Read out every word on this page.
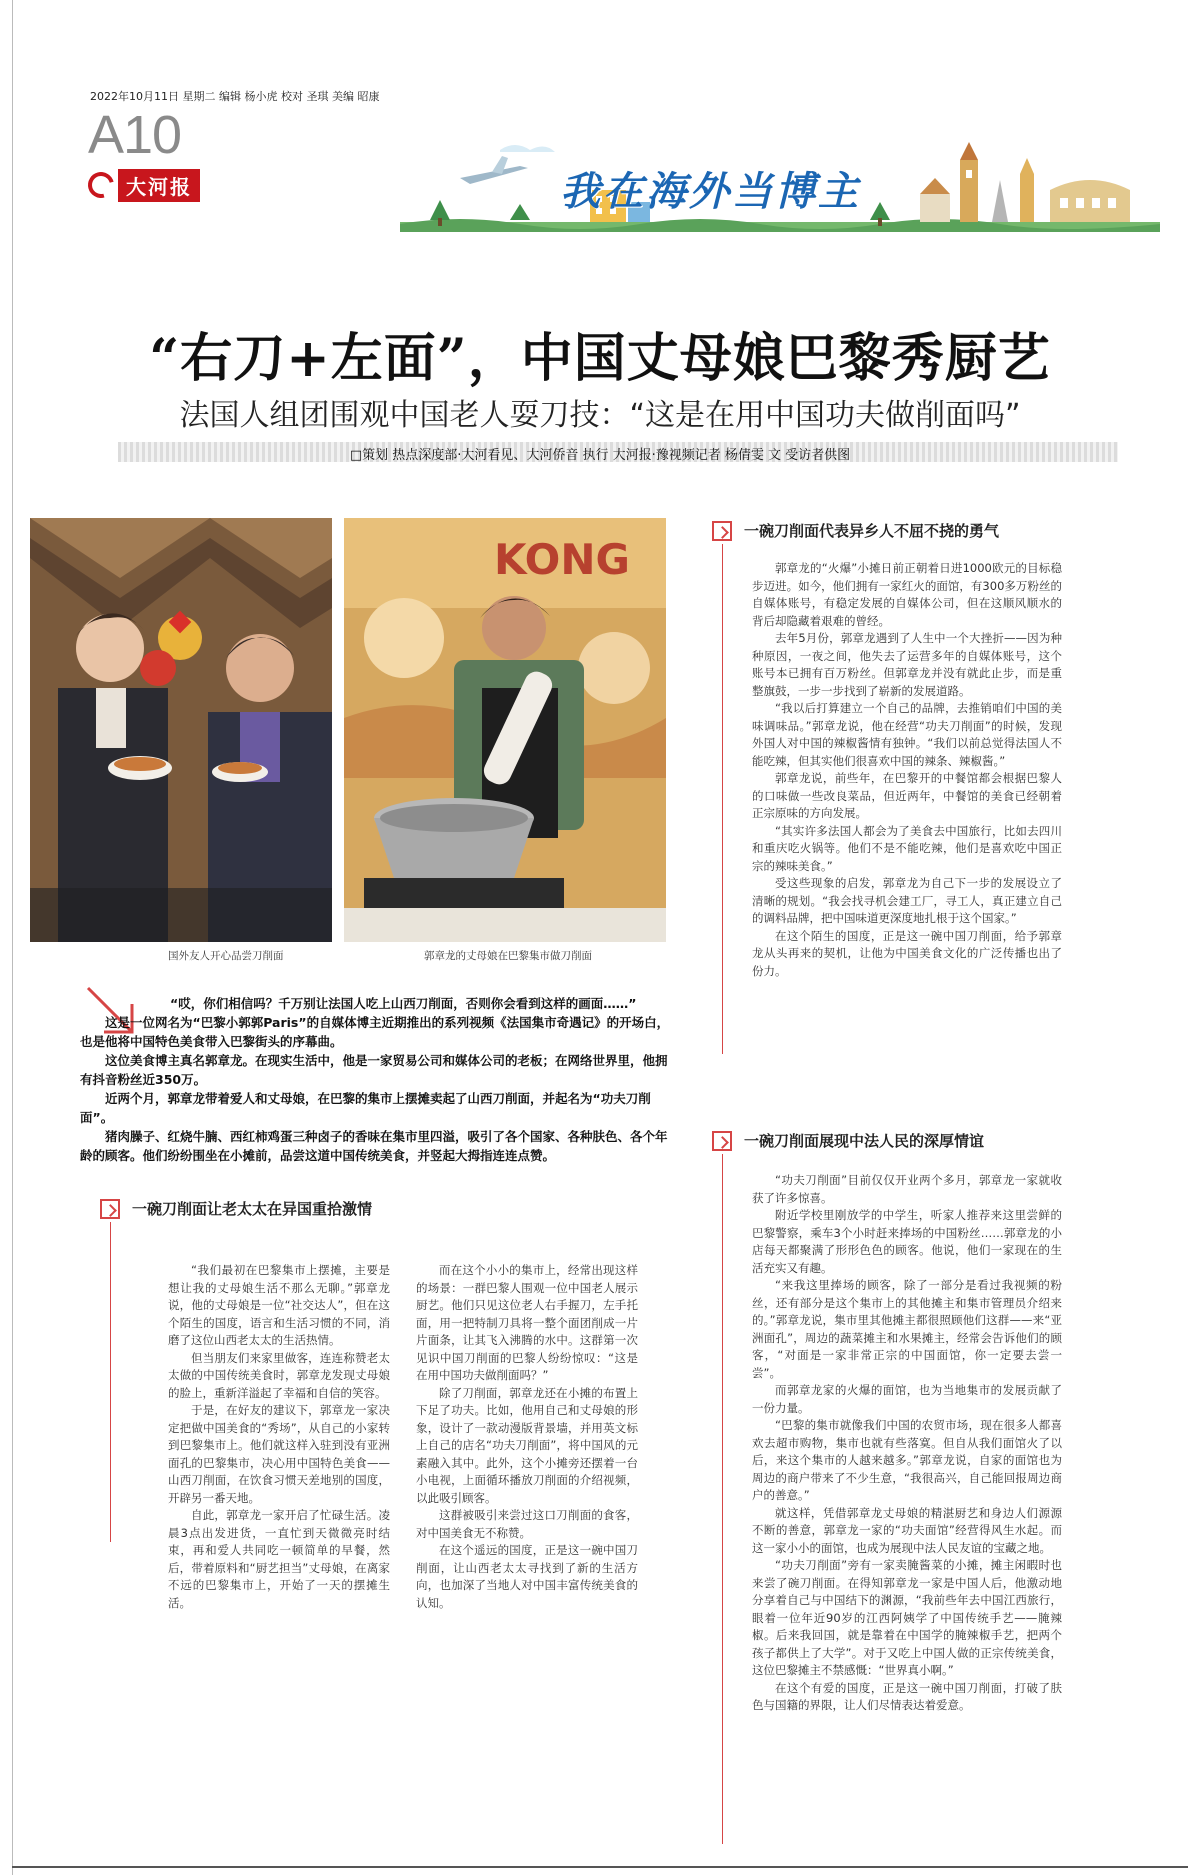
2022年10月11日 星期二 编辑 杨小虎 校对 圣琪 美编 昭康
A10
大河报	我在海外当博主
“右刀+左面”，中国丈母娘巴黎秀厨艺
法国人组团围观中国老人耍刀技：“这是在用中国功夫做削面吗”
□策划 热点深度部·大河看见、大河侨音 执行 大河报·豫视频记者 杨倩雯 文 受访者供图
国外友人开心品尝刀削面
KONG
郭章龙的丈母娘在巴黎集市做刀削面

“哎，你们相信吗？千万别让法国人吃上山西刀削面，否则你会看到这样的画面……”

这是一位网名为“巴黎小郭郭Paris”的自媒体博主近期推出的系列视频《法国集市奇遇记》的开场白，也是他将中国特色美食带入巴黎街头的序幕曲。

这位美食博主真名郭章龙。在现实生活中，他是一家贸易公司和媒体公司的老板；在网络世界里，他拥有抖音粉丝近350万。

近两个月，郭章龙带着爱人和丈母娘，在巴黎的集市上摆摊卖起了山西刀削面，并起名为“功夫刀削面”。

猪肉臊子、红烧牛腩、西红柿鸡蛋三种卤子的香味在集市里四溢，吸引了各个国家、各种肤色、各个年龄的顾客。他们纷纷围坐在小摊前，品尝这道中国传统美食，并竖起大拇指连连点赞。

一碗刀削面让老太太在异国重拾激情

“我们最初在巴黎集市上摆摊，主要是想让我的丈母娘生活不那么无聊。”郭章龙说，他的丈母娘是一位“社交达人”，但在这个陌生的国度，语言和生活习惯的不同，消磨了这位山西老太太的生活热情。

但当朋友们来家里做客，连连称赞老太太做的中国传统美食时，郭章龙发现丈母娘的脸上，重新洋溢起了幸福和自信的笑容。

于是，在好友的建议下，郭章龙一家决定把做中国美食的“秀场”，从自己的小家转到巴黎集市上。他们就这样入驻到没有亚洲面孔的巴黎集市，决心用中国特色美食——山西刀削面，在饮食习惯天差地别的国度，开辟另一番天地。

自此，郭章龙一家开启了忙碌生活。凌晨3点出发进货，一直忙到天微微亮时结束，再和爱人共同吃一顿简单的早餐，然后，带着原料和“厨艺担当”丈母娘，在离家不远的巴黎集市上，开始了一天的摆摊生活。

而在这个小小的集市上，经常出现这样的场景：一群巴黎人围观一位中国老人展示厨艺。他们只见这位老人右手握刀，左手托面，用一把特制刀具将一整个面团削成一片片面条，让其飞入沸腾的水中。这群第一次见识中国刀削面的巴黎人纷纷惊叹：“这是在用中国功夫做削面吗？”

除了刀削面，郭章龙还在小摊的布置上下足了功夫。比如，他用自己和丈母娘的形象，设计了一款动漫版背景墙，并用英文标上自己的店名“功夫刀削面”，将中国风的元素融入其中。此外，这个小摊旁还摆着一台小电视，上面循环播放刀削面的介绍视频，以此吸引顾客。

这群被吸引来尝过这口刀削面的食客，对中国美食无不称赞。

在这个遥远的国度，正是这一碗中国刀削面，让山西老太太寻找到了新的生活方向，也加深了当地人对中国丰富传统美食的认知。

一碗刀削面代表异乡人不屈不挠的勇气

郭章龙的“火爆”小摊日前正朝着日进1000欧元的目标稳步迈进。如今，他们拥有一家红火的面馆，有300多万粉丝的自媒体账号，有稳定发展的自媒体公司，但在这顺风顺水的背后却隐藏着艰难的曾经。

去年5月份，郭章龙遇到了人生中一个大挫折——因为种种原因，一夜之间，他失去了运营多年的自媒体账号，这个账号本已拥有百万粉丝。但郭章龙并没有就此止步，而是重整旗鼓，一步一步找到了崭新的发展道路。

“我以后打算建立一个自己的品牌，去推销咱们中国的美味调味品。”郭章龙说，他在经营“功夫刀削面”的时候，发现外国人对中国的辣椒酱情有独钟。“我们以前总觉得法国人不能吃辣，但其实他们很喜欢中国的辣条、辣椒酱。”

郭章龙说，前些年，在巴黎开的中餐馆都会根据巴黎人的口味做一些改良菜品，但近两年，中餐馆的美食已经朝着正宗原味的方向发展。

“其实许多法国人都会为了美食去中国旅行，比如去四川和重庆吃火锅等。他们不是不能吃辣，他们是喜欢吃中国正宗的辣味美食。”

受这些现象的启发，郭章龙为自己下一步的发展设立了清晰的规划。“我会找寻机会建工厂，寻工人，真正建立自己的调料品牌，把中国味道更深度地扎根于这个国家。”

在这个陌生的国度，正是这一碗中国刀削面，给予郭章龙从头再来的契机，让他为中国美食文化的广泛传播也出了份力。

一碗刀削面展现中法人民的深厚情谊

“功夫刀削面”目前仅仅开业两个多月，郭章龙一家就收获了许多惊喜。

附近学校里刚放学的中学生，听家人推荐来这里尝鲜的巴黎警察，乘车3个小时赶来捧场的中国粉丝……郭章龙的小店每天都聚满了形形色色的顾客。他说，他们一家现在的生活充实又有趣。

“来我这里捧场的顾客，除了一部分是看过我视频的粉丝，还有部分是这个集市上的其他摊主和集市管理员介绍来的。”郭章龙说，集市里其他摊主都很照顾他们这群——来“亚洲面孔”，周边的蔬菜摊主和水果摊主，经常会告诉他们的顾客，“对面是一家非常正宗的中国面馆，你一定要去尝一尝”。

而郭章龙家的火爆的面馆，也为当地集市的发展贡献了一份力量。

“巴黎的集市就像我们中国的农贸市场，现在很多人都喜欢去超市购物，集市也就有些落寞。但自从我们面馆火了以后，来这个集市的人越来越多。”郭章龙说，自家的面馆也为周边的商户带来了不少生意，“我很高兴，自己能回报周边商户的善意。”

就这样，凭借郭章龙丈母娘的精湛厨艺和身边人们源源不断的善意，郭章龙一家的“功夫面馆”经营得风生水起。而这一家小小的面馆，也成为展现中法人民友谊的宝藏之地。

“功夫刀削面”旁有一家卖腌酱菜的小摊，摊主闲暇时也来尝了碗刀削面。在得知郭章龙一家是中国人后，他激动地分享着自己与中国结下的渊源，“我前些年去中国江西旅行，眼着一位年近90岁的江西阿姨学了中国传统手艺——腌辣椒。后来我回国，就是靠着在中国学的腌辣椒手艺，把两个孩子都供上了大学”。对于又吃上中国人做的正宗传统美食，这位巴黎摊主不禁感慨：“世界真小啊。”

在这个有爱的国度，正是这一碗中国刀削面，打破了肤色与国籍的界限，让人们尽情表达着爱意。
